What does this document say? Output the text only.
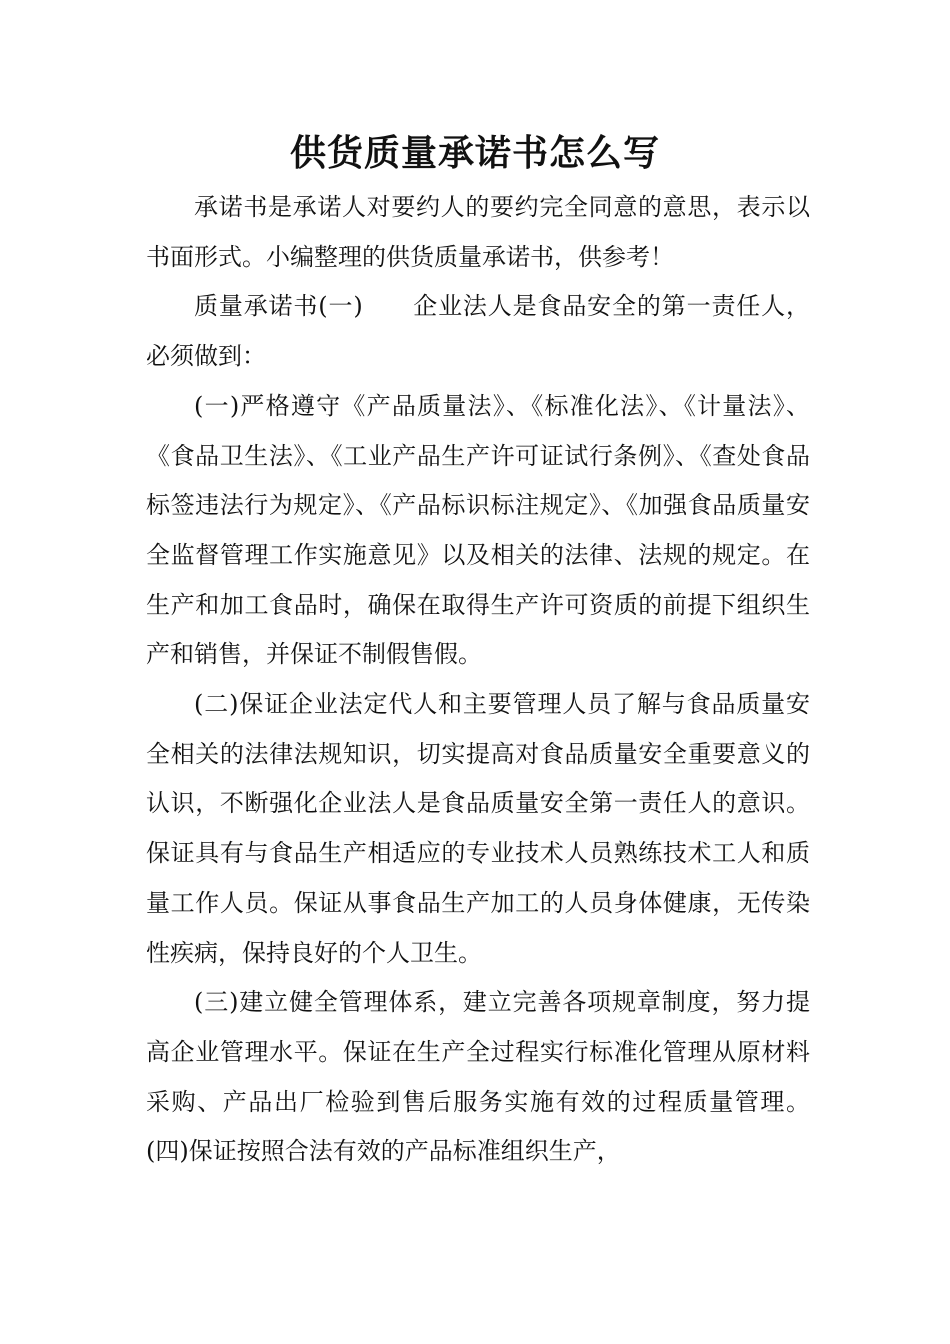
供货质量承诺书怎么写

承诺书是承诺人对要约人的要约完全同意的意思，表示以书面形式。小编整理的供货质量承诺书，供参考！

质量承诺书(一)　　企业法人是食品安全的第一责任人，必须做到：

(一)严格遵守《产品质量法》、《标准化法》、《计量法》、《食品卫生法》、《工业产品生产许可证试行条例》、《查处食品标签违法行为规定》、《产品标识标注规定》、《加强食品质量安全监督管理工作实施意见》以及相关的法律、法规的规定。在生产和加工食品时，确保在取得生产许可资质的前提下组织生产和销售，并保证不制假售假。

(二)保证企业法定代人和主要管理人员了解与食品质量安全相关的法律法规知识，切实提高对食品质量安全重要意义的认识，不断强化企业法人是食品质量安全第一责任人的意识。保证具有与食品生产相适应的专业技术人员熟练技术工人和质量工作人员。保证从事食品生产加工的人员身体健康，无传染性疾病，保持良好的个人卫生。

(三)建立健全管理体系，建立完善各项规章制度，努力提高企业管理水平。保证在生产全过程实行标准化管理从原材料采购、产品出厂检验到售后服务实施有效的过程质量管理。 (四)保证按照合法有效的产品标准组织生产，
